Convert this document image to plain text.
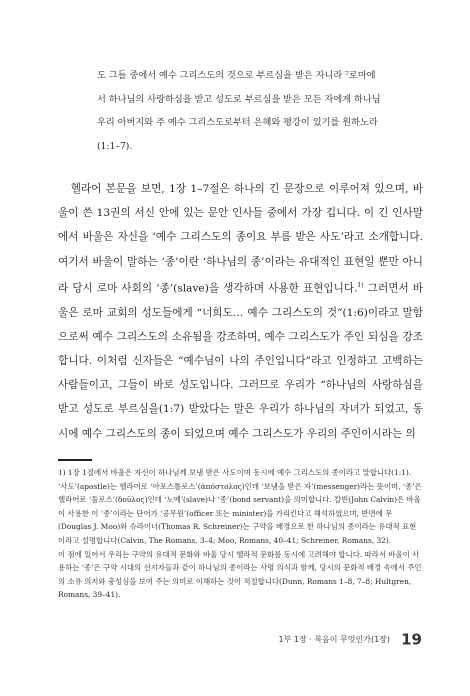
도 그들 중에서 예수 그리스도의 것으로 부르심을 받은 자니라 ⁷로마에

서 하나님의 사랑하심을 받고 성도로 부르심을 받은 모든 자에게 하나님

우리 아버지와 주 예수 그리스도로부터 은혜와 평강이 있기를 원하노라

(1:1–7).

헬라어 본문을 보면, 1장 1–7절은 하나의 긴 문장으로 이루어져 있으며, 바울이 쓴 13권의 서신 안에 있는 문안 인사들 중에서 가장 깁니다. 이 긴 인사말에서 바울은 자신을 ‘예수 그리스도의 종이요 부름 받은 사도’라고 소개합니다. 여기서 바울이 말하는 ‘종’이란 ‘하나님의 종’이라는 유대적인 표현일 뿐만 아니라 당시 로마 사회의 ‘종’(slave)을 생각하며 사용한 표현입니다.$^{1)}$ 그러면서 바울은 로마 교회의 성도들에게 “너희도… 예수 그리스도의 것”(1:6)이라고 말함으로써 예수 그리스도의 소유됨을 강조하며, 예수 그리스도가 주인 되심을 강조합니다. 이처럼 신자들은 “예수님이 나의 주인입니다”라고 인정하고 고백하는 사람들이고, 그들이 바로 성도입니다. 그러므로 우리가 “하나님의 사랑하심을 받고 성도로 부르심을(1:7) 받았다는 말은 우리가 하나님의 자녀가 되었고, 동시에 예수 그리스도의 종이 되었으며 예수 그리스도가 우리의 주인이시라는 의

1) 1장 1절에서 바울은 자신이 하나님께 보냄 받은 사도이며 동시에 예수 그리스도의 종이라고 말합니다(1:1). ‘사도’(apostle)는 헬라어로 ‘아포스톨로스’(ἀπόστολος)인데 ‘보냄을 받은 자’(messenger)라는 뜻이며, ‘종’은 헬라어로 ‘둘로스’(δοῦλος)인데 ‘노예’(slave)나 ‘종’(bond servant)을 의미합니다. 칼빈(John Calvin)은 바울이 사용한 이 ‘종’이라는 단어가 ‘공무원’(officer 또는 minister)을 가리킨다고 해석하였으며, 반면에 무(Douglas J. Moo)와 슈라이너(Thomas R. Schreiner)는 구약을 배경으로 한 하나님의 종이라는 유대적 표현이라고 설명합니다(Calvin, The Romans, 3–4; Moo, Romans, 40–41; Schreiner, Romans, 32).

이 점에 있어서 우리는 구약의 유대적 문화와 바울 당시 헬라적 문화를 동시에 고려해야 합니다. 따라서 바울이 사용하는 ‘종’은 구약 시대의 선지자들과 같이 하나님의 종이라는 사명 의식과 함께, 당시의 문화적 배경 속에서 주인의 소유 의지와 충성심을 보여 주는 의미로 이해하는 것이 적절합니다(Dunn, Romans 1–8, 7–8; Hultgren, Romans, 39–41).

1부 1장 · 복음이 무엇인가(1장) 19
